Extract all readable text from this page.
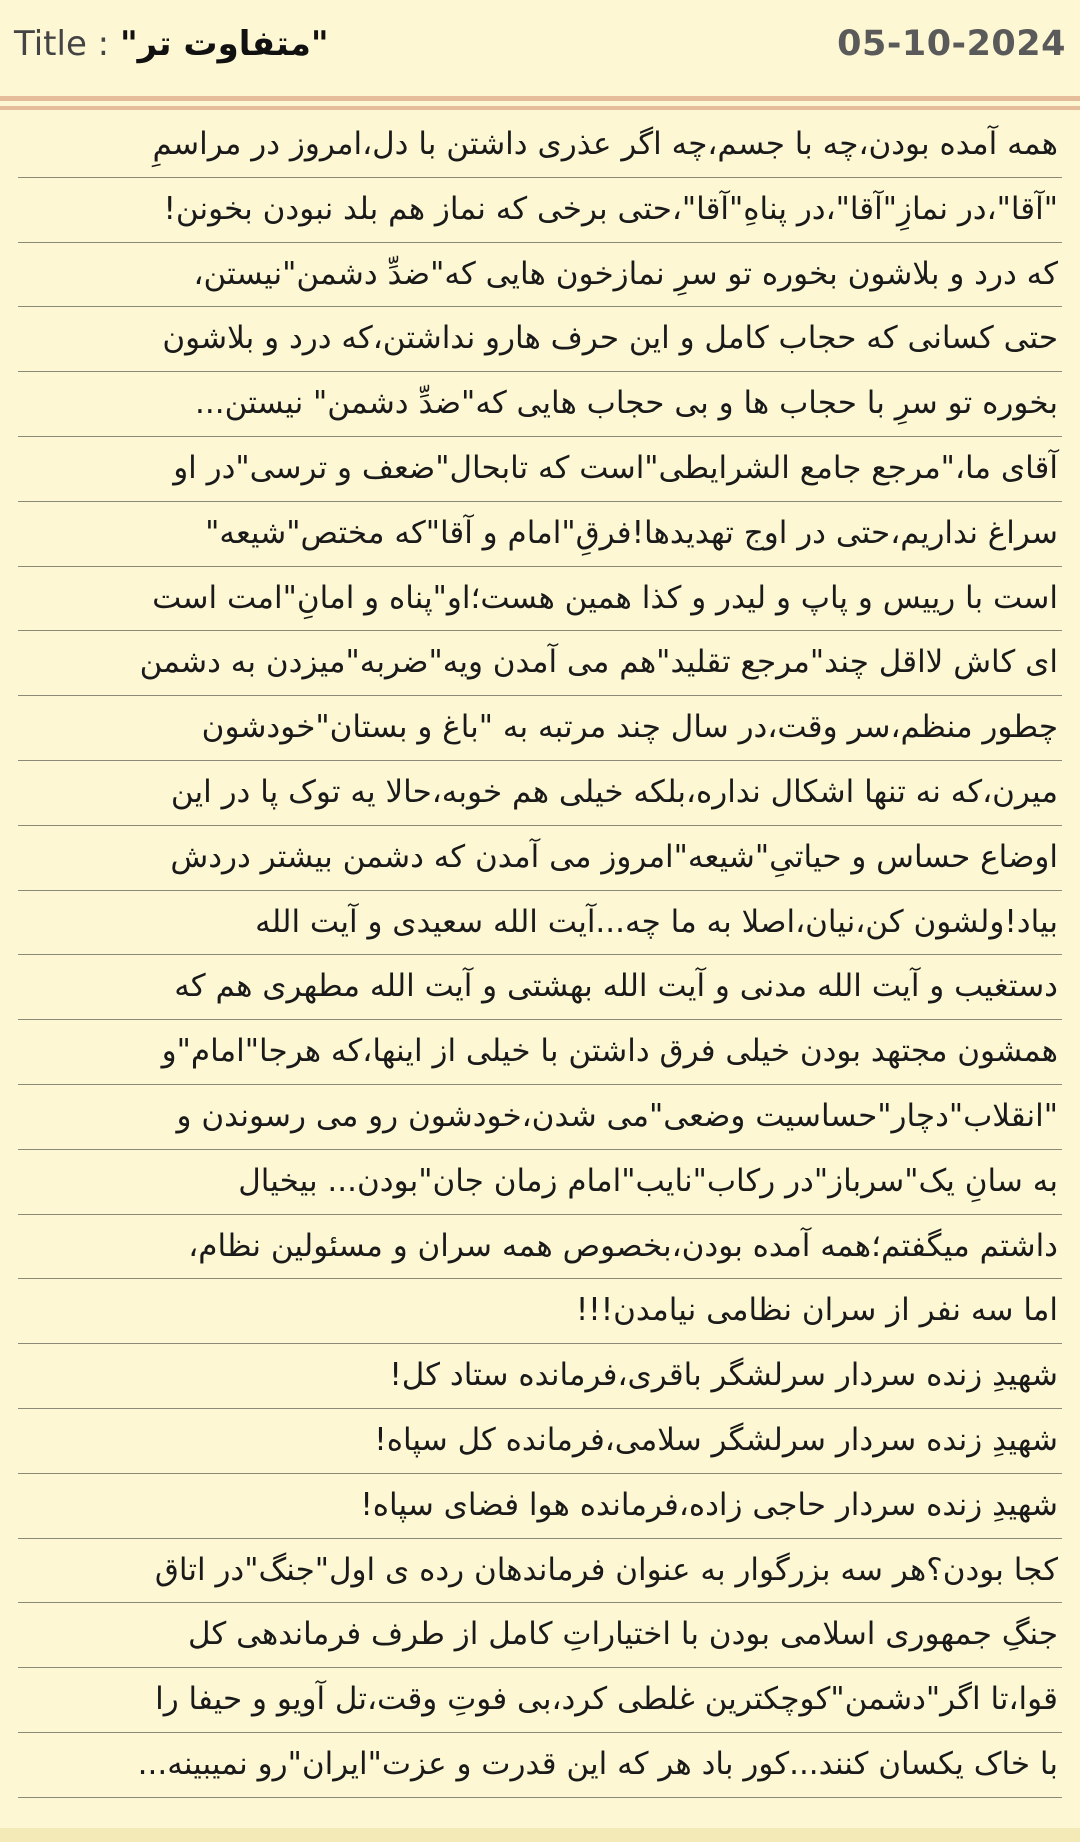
Title : "متفاوت تر"	05-10-2024
همه آمده بودن،چه با جسم،چه اگر عذری داشتن با دل،امروز در مراسمِ
"آقا"،در نمازِ"آقا"،در پناهِ"آقا"،حتی برخی که نماز هم بلد نبودن بخونن!
که درد و بلاشون بخوره تو سرِ نمازخون هایی که"ضدِّ دشمن"نیستن،
حتی کسانی که حجاب کامل و این حرف هارو نداشتن،که درد و بلاشون
بخوره تو سرِ با حجاب ها و بی حجاب هایی که"ضدِّ دشمن" نیستن...
آقای ما،"مرجع جامع الشرایطی"است که تابحال"ضعف و ترسی"در او
سراغ نداریم،حتی در اوج تهدیدها!فرقِ"امام و آقا"که مختص"شیعه"
است با رییس و پاپ و لیدر و کذا همین هست؛او"پناه و امانِ"امت است
ای کاش لااقل چند"مرجع تقلید"هم می آمدن ویه"ضربه"میزدن به دشمن
چطور منظم،سر وقت،در سال چند مرتبه به "باغ و بستان"خودشون
میرن،که نه تنها اشکال نداره،بلکه خیلی هم خوبه،حالا یه توک پا در این
اوضاع حساس و حیاتیِ"شیعه"امروز می آمدن که دشمن بیشتر دردش
بیاد!ولشون کن،نیان،اصلا به ما چه...آیت الله سعیدی و آیت الله
دستغیب و آیت الله مدنی و آیت الله بهشتی و آیت الله مطهری هم که
همشون مجتهد بودن خیلی فرق داشتن با خیلی از اینها،که هرجا"امام"و
"انقلاب"دچار"حساسیت وضعی"می شدن،خودشون رو می رسوندن و
به سانِ یک"سرباز"در رکاب"نایب"امام زمان جان"بودن... بیخیال
داشتم میگفتم؛همه آمده بودن،بخصوص همه سران و مسئولین نظام،
اما سه نفر از سران نظامی نیامدن!!!
شهیدِ زنده سردار سرلشگر باقری،فرمانده ستاد کل!
شهیدِ زنده سردار سرلشگر سلامی،فرمانده کل سپاه!
شهیدِ زنده سردار حاجی زاده،فرمانده هوا فضای سپاه!
کجا بودن؟هر سه بزرگوار به عنوان فرماندهان رده ی اول"جنگ"در اتاق
جنگِ جمهوری اسلامی بودن با اختیاراتِ کامل از طرف فرماندهی کل
قوا،تا اگر"دشمن"کوچکترین غلطی کرد،بی فوتِ وقت،تل آویو و حیفا را
با خاک یکسان کنند...کور باد هر که این قدرت و عزت"ایران"رو نمیبینه...
